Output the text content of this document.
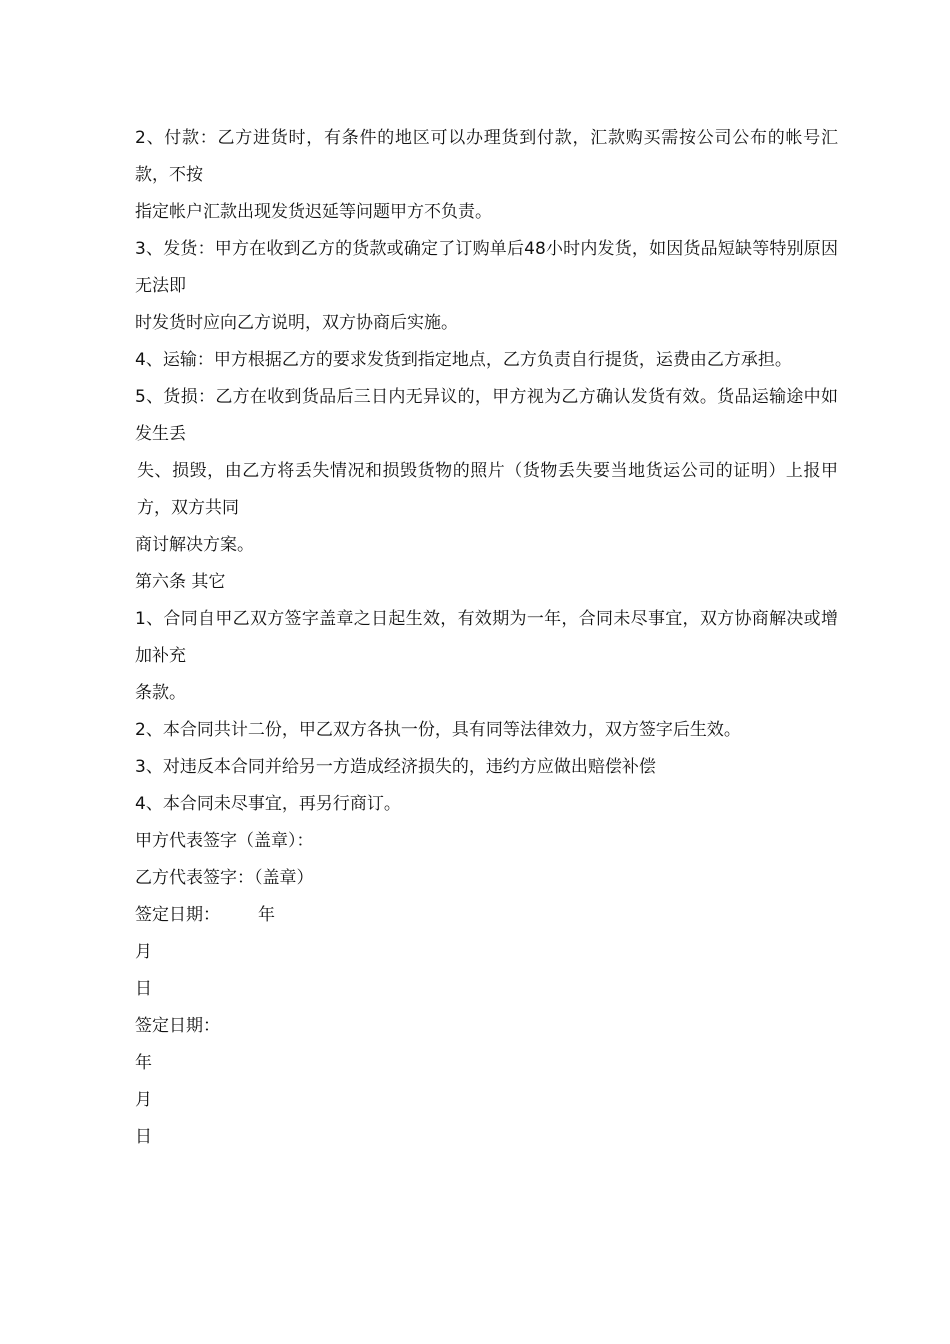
2、付款：乙方进货时，有条件的地区可以办理货到付款，汇款购买需按公司公布的帐号汇款，不按
指定帐户汇款出现发货迟延等问题甲方不负责。
3、发货：甲方在收到乙方的货款或确定了订购单后48小时内发货，如因货品短缺等特别原因无法即
时发货时应向乙方说明，双方协商后实施。
4、运输：甲方根据乙方的要求发货到指定地点，乙方负责自行提货，运费由乙方承担。
5、货损：乙方在收到货品后三日内无异议的，甲方视为乙方确认发货有效。货品运输途中如发生丢
失、损毁，由乙方将丢失情况和损毁货物的照片（货物丢失要当地货运公司的证明）上报甲方，双方共同
商讨解决方案。
第六条 其它
1、合同自甲乙双方签字盖章之日起生效，有效期为一年，合同未尽事宜，双方协商解决或增加补充
条款。
2、本合同共计二份，甲乙双方各执一份，具有同等法律效力，双方签字后生效。
3、对违反本合同并给另一方造成经济损失的，违约方应做出赔偿补偿
4、本合同未尽事宜，再另行商订。
甲方代表签字（盖章）：
乙方代表签字：（盖章）
签定日期： 年
月
日
签定日期：
年
月
日
